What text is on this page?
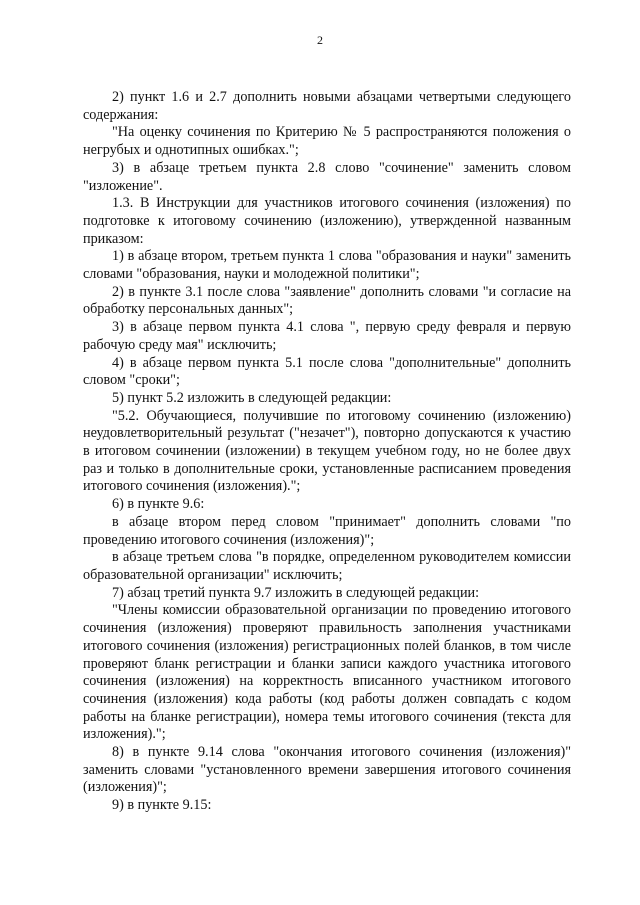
2

2) пункт 1.6 и 2.7 дополнить новыми абзацами четвертыми следующего содержания:

"На оценку сочинения по Критерию № 5 распространяются положения о негрубых и однотипных ошибках.";

3) в абзаце третьем пункта 2.8 слово "сочинение" заменить словом "изложение".

1.3. В Инструкции для участников итогового сочинения (изложения) по подготовке к итоговому сочинению (изложению), утвержденной названным приказом:

1) в абзаце втором, третьем пункта 1 слова "образования и науки" заменить словами "образования, науки и молодежной политики";

2) в пункте 3.1 после слова "заявление" дополнить словами "и согласие на обработку персональных данных";

3) в абзаце первом пункта 4.1 слова ", первую среду февраля и первую рабочую среду мая" исключить;

4) в абзаце первом пункта 5.1 после слова "дополнительные" дополнить словом "сроки";

5) пункт 5.2 изложить в следующей редакции:

"5.2. Обучающиеся, получившие по итоговому сочинению (изложению) неудовлетворительный результат ("незачет"), повторно допускаются к участию в итоговом сочинении (изложении) в текущем учебном году, но не более двух раз и только в дополнительные сроки, установленные расписанием проведения итогового сочинения (изложения).";

6) в пункте 9.6:

в абзаце втором перед словом "принимает" дополнить словами "по проведению итогового сочинения (изложения)";

в абзаце третьем слова "в порядке, определенном руководителем комиссии образовательной организации" исключить;

7) абзац третий пункта 9.7 изложить в следующей редакции:

"Члены комиссии образовательной организации по проведению итогового сочинения (изложения) проверяют правильность заполнения участниками итогового сочинения (изложения) регистрационных полей бланков, в том числе проверяют бланк регистрации и бланки записи каждого участника итогового сочинения (изложения) на корректность вписанного участником итогового сочинения (изложения) кода работы (код работы должен совпадать с кодом работы на бланке регистрации), номера темы итогового сочинения (текста для изложения).";

8) в пункте 9.14 слова "окончания итогового сочинения (изложения)" заменить словами "установленного времени завершения итогового сочинения (изложения)";

9) в пункте 9.15:
